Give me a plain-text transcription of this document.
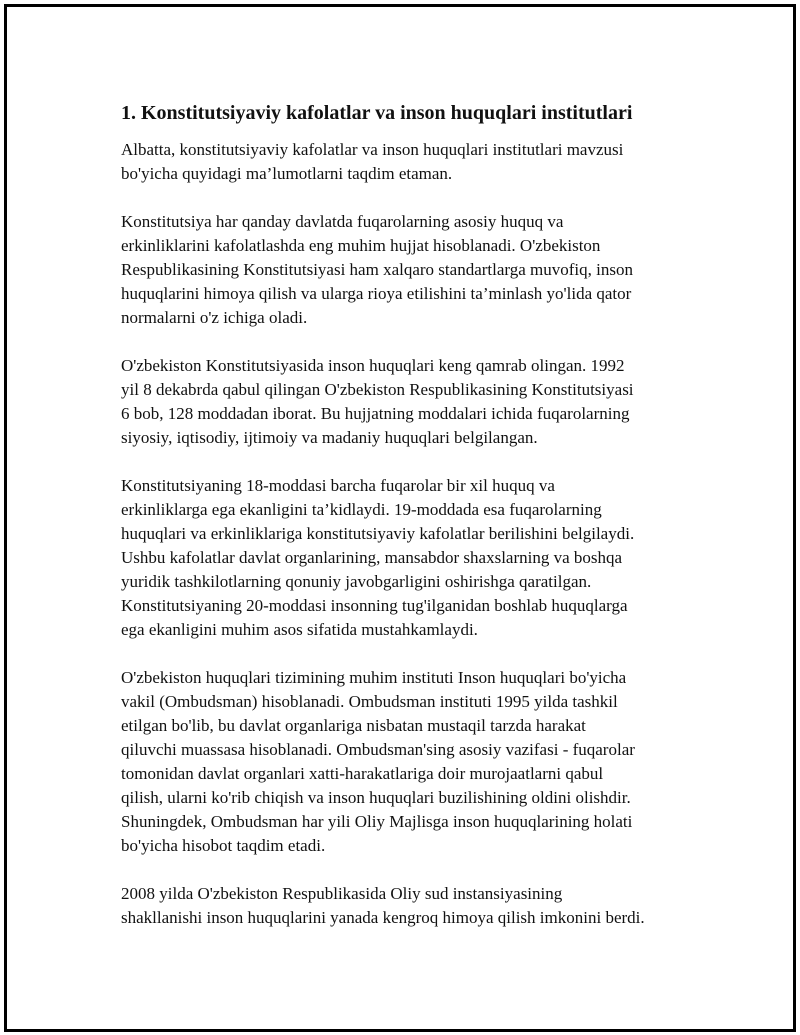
1. Konstitutsiyaviy kafolatlar va inson huquqlari institutlari
Albatta, konstitutsiyaviy kafolatlar va inson huquqlari institutlari mavzusi
bo'yicha quyidagi ma’lumotlarni taqdim etaman.
Konstitutsiya har qanday davlatda fuqarolarning asosiy huquq va
erkinliklarini kafolatlashda eng muhim hujjat hisoblanadi. O'zbekiston
Respublikasining Konstitutsiyasi ham xalqaro standartlarga muvofiq, inson
huquqlarini himoya qilish va ularga rioya etilishini ta’minlash yo'lida qator
normalarni o'z ichiga oladi.
O'zbekiston Konstitutsiyasida inson huquqlari keng qamrab olingan. 1992
yil 8 dekabrda qabul qilingan O'zbekiston Respublikasining Konstitutsiyasi
6 bob, 128 moddadan iborat. Bu hujjatning moddalari ichida fuqarolarning
siyosiy, iqtisodiy, ijtimoiy va madaniy huquqlari belgilangan.
Konstitutsiyaning 18-moddasi barcha fuqarolar bir xil huquq va
erkinliklarga ega ekanligini ta’kidlaydi. 19-moddada esa fuqarolarning
huquqlari va erkinliklariga konstitutsiyaviy kafolatlar berilishini belgilaydi.
Ushbu kafolatlar davlat organlarining, mansabdor shaxslarning va boshqa
yuridik tashkilotlarning qonuniy javobgarligini oshirishga qaratilgan.
Konstitutsiyaning 20-moddasi insonning tug'ilganidan boshlab huquqlarga
ega ekanligini muhim asos sifatida mustahkamlaydi.
O'zbekiston huquqlari tizimining muhim instituti Inson huquqlari bo'yicha
vakil (Ombudsman) hisoblanadi. Ombudsman instituti 1995 yilda tashkil
etilgan bo'lib, bu davlat organlariga nisbatan mustaqil tarzda harakat
qiluvchi muassasa hisoblanadi. Ombudsman'sing asosiy vazifasi - fuqarolar
tomonidan davlat organlari xatti-harakatlariga doir murojaatlarni qabul
qilish, ularni ko'rib chiqish va inson huquqlari buzilishining oldini olishdir.
Shuningdek, Ombudsman har yili Oliy Majlisga inson huquqlarining holati
bo'yicha hisobot taqdim etadi.
2008 yilda O'zbekiston Respublikasida Oliy sud instansiyasining
shakllanishi inson huquqlarini yanada kengroq himoya qilish imkonini berdi.
